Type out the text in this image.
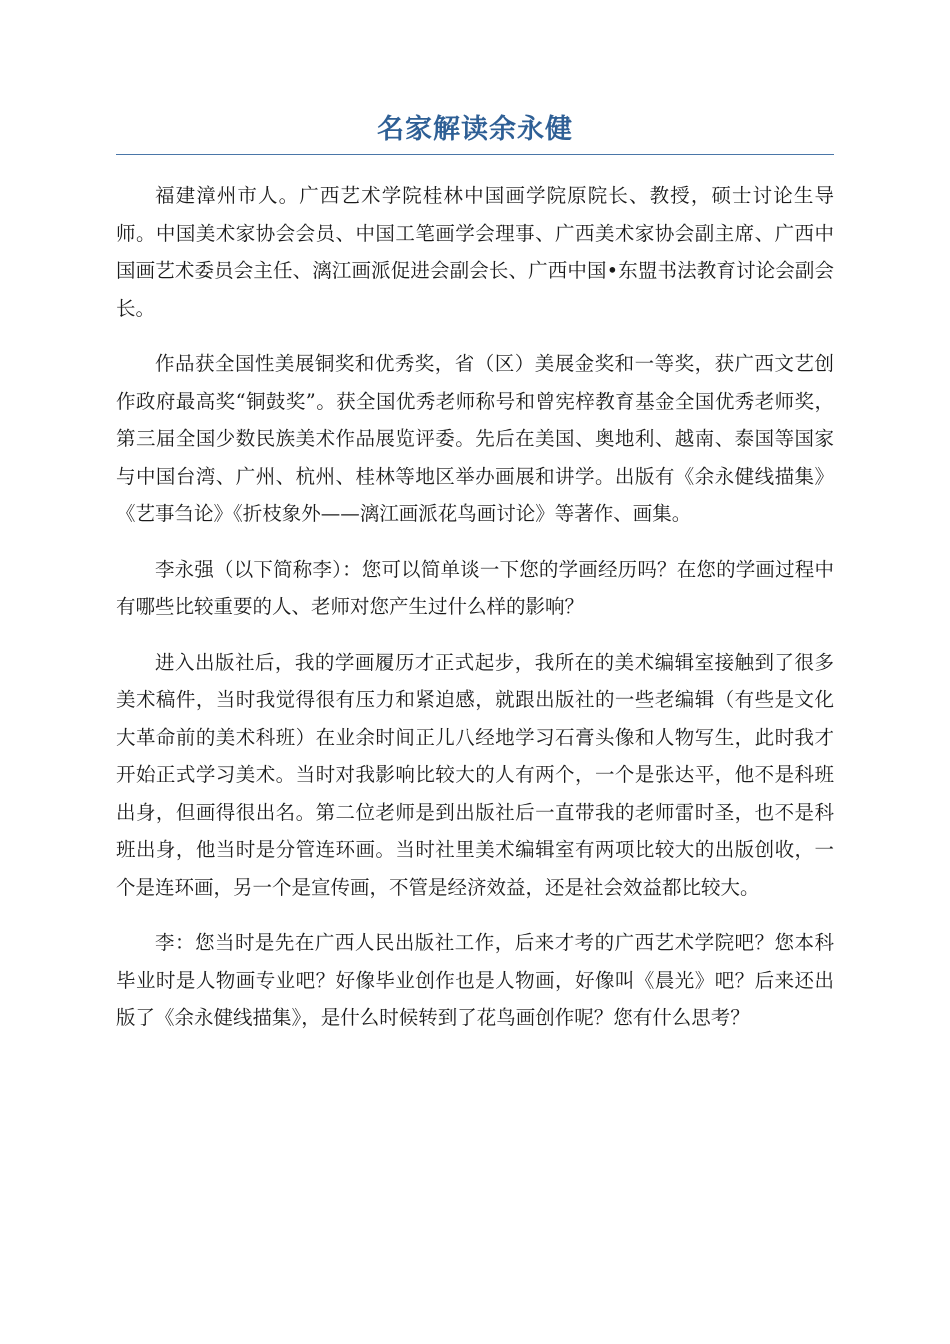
名家解读余永健

福建漳州市人。广西艺术学院桂林中国画学院原院长、教授，硕士讨论生导师。中国美术家协会会员、中国工笔画学会理事、广西美术家协会副主席、广西中国画艺术委员会主任、漓江画派促进会副会长、广西中国•东盟书法教育讨论会副会长。

作品获全国性美展铜奖和优秀奖，省（区）美展金奖和一等奖，获广西文艺创作政府最高奖“铜鼓奖”。获全国优秀老师称号和曾宪梓教育基金全国优秀老师奖，第三届全国少数民族美术作品展览评委。先后在美国、奥地利、越南、泰国等国家与中国台湾、广州、杭州、桂林等地区举办画展和讲学。出版有《余永健线描集》《艺事刍论》《折枝象外——漓江画派花鸟画讨论》等著作、画集。

李永强（以下简称李）：您可以简单谈一下您的学画经历吗？在您的学画过程中有哪些比较重要的人、老师对您产生过什么样的影响？

进入出版社后，我的学画履历才正式起步，我所在的美术编辑室接触到了很多美术稿件，当时我觉得很有压力和紧迫感，就跟出版社的一些老编辑（有些是文化大革命前的美术科班）在业余时间正儿八经地学习石膏头像和人物写生，此时我才开始正式学习美术。当时对我影响比较大的人有两个，一个是张达平，他不是科班出身，但画得很出名。第二位老师是到出版社后一直带我的老师雷时圣，也不是科班出身，他当时是分管连环画。当时社里美术编辑室有两项比较大的出版创收，一个是连环画，另一个是宣传画，不管是经济效益，还是社会效益都比较大。

李：您当时是先在广西人民出版社工作，后来才考的广西艺术学院吧？您本科毕业时是人物画专业吧？好像毕业创作也是人物画，好像叫《晨光》吧？后来还出版了《余永健线描集》，是什么时候转到了花鸟画创作呢？您有什么思考？
